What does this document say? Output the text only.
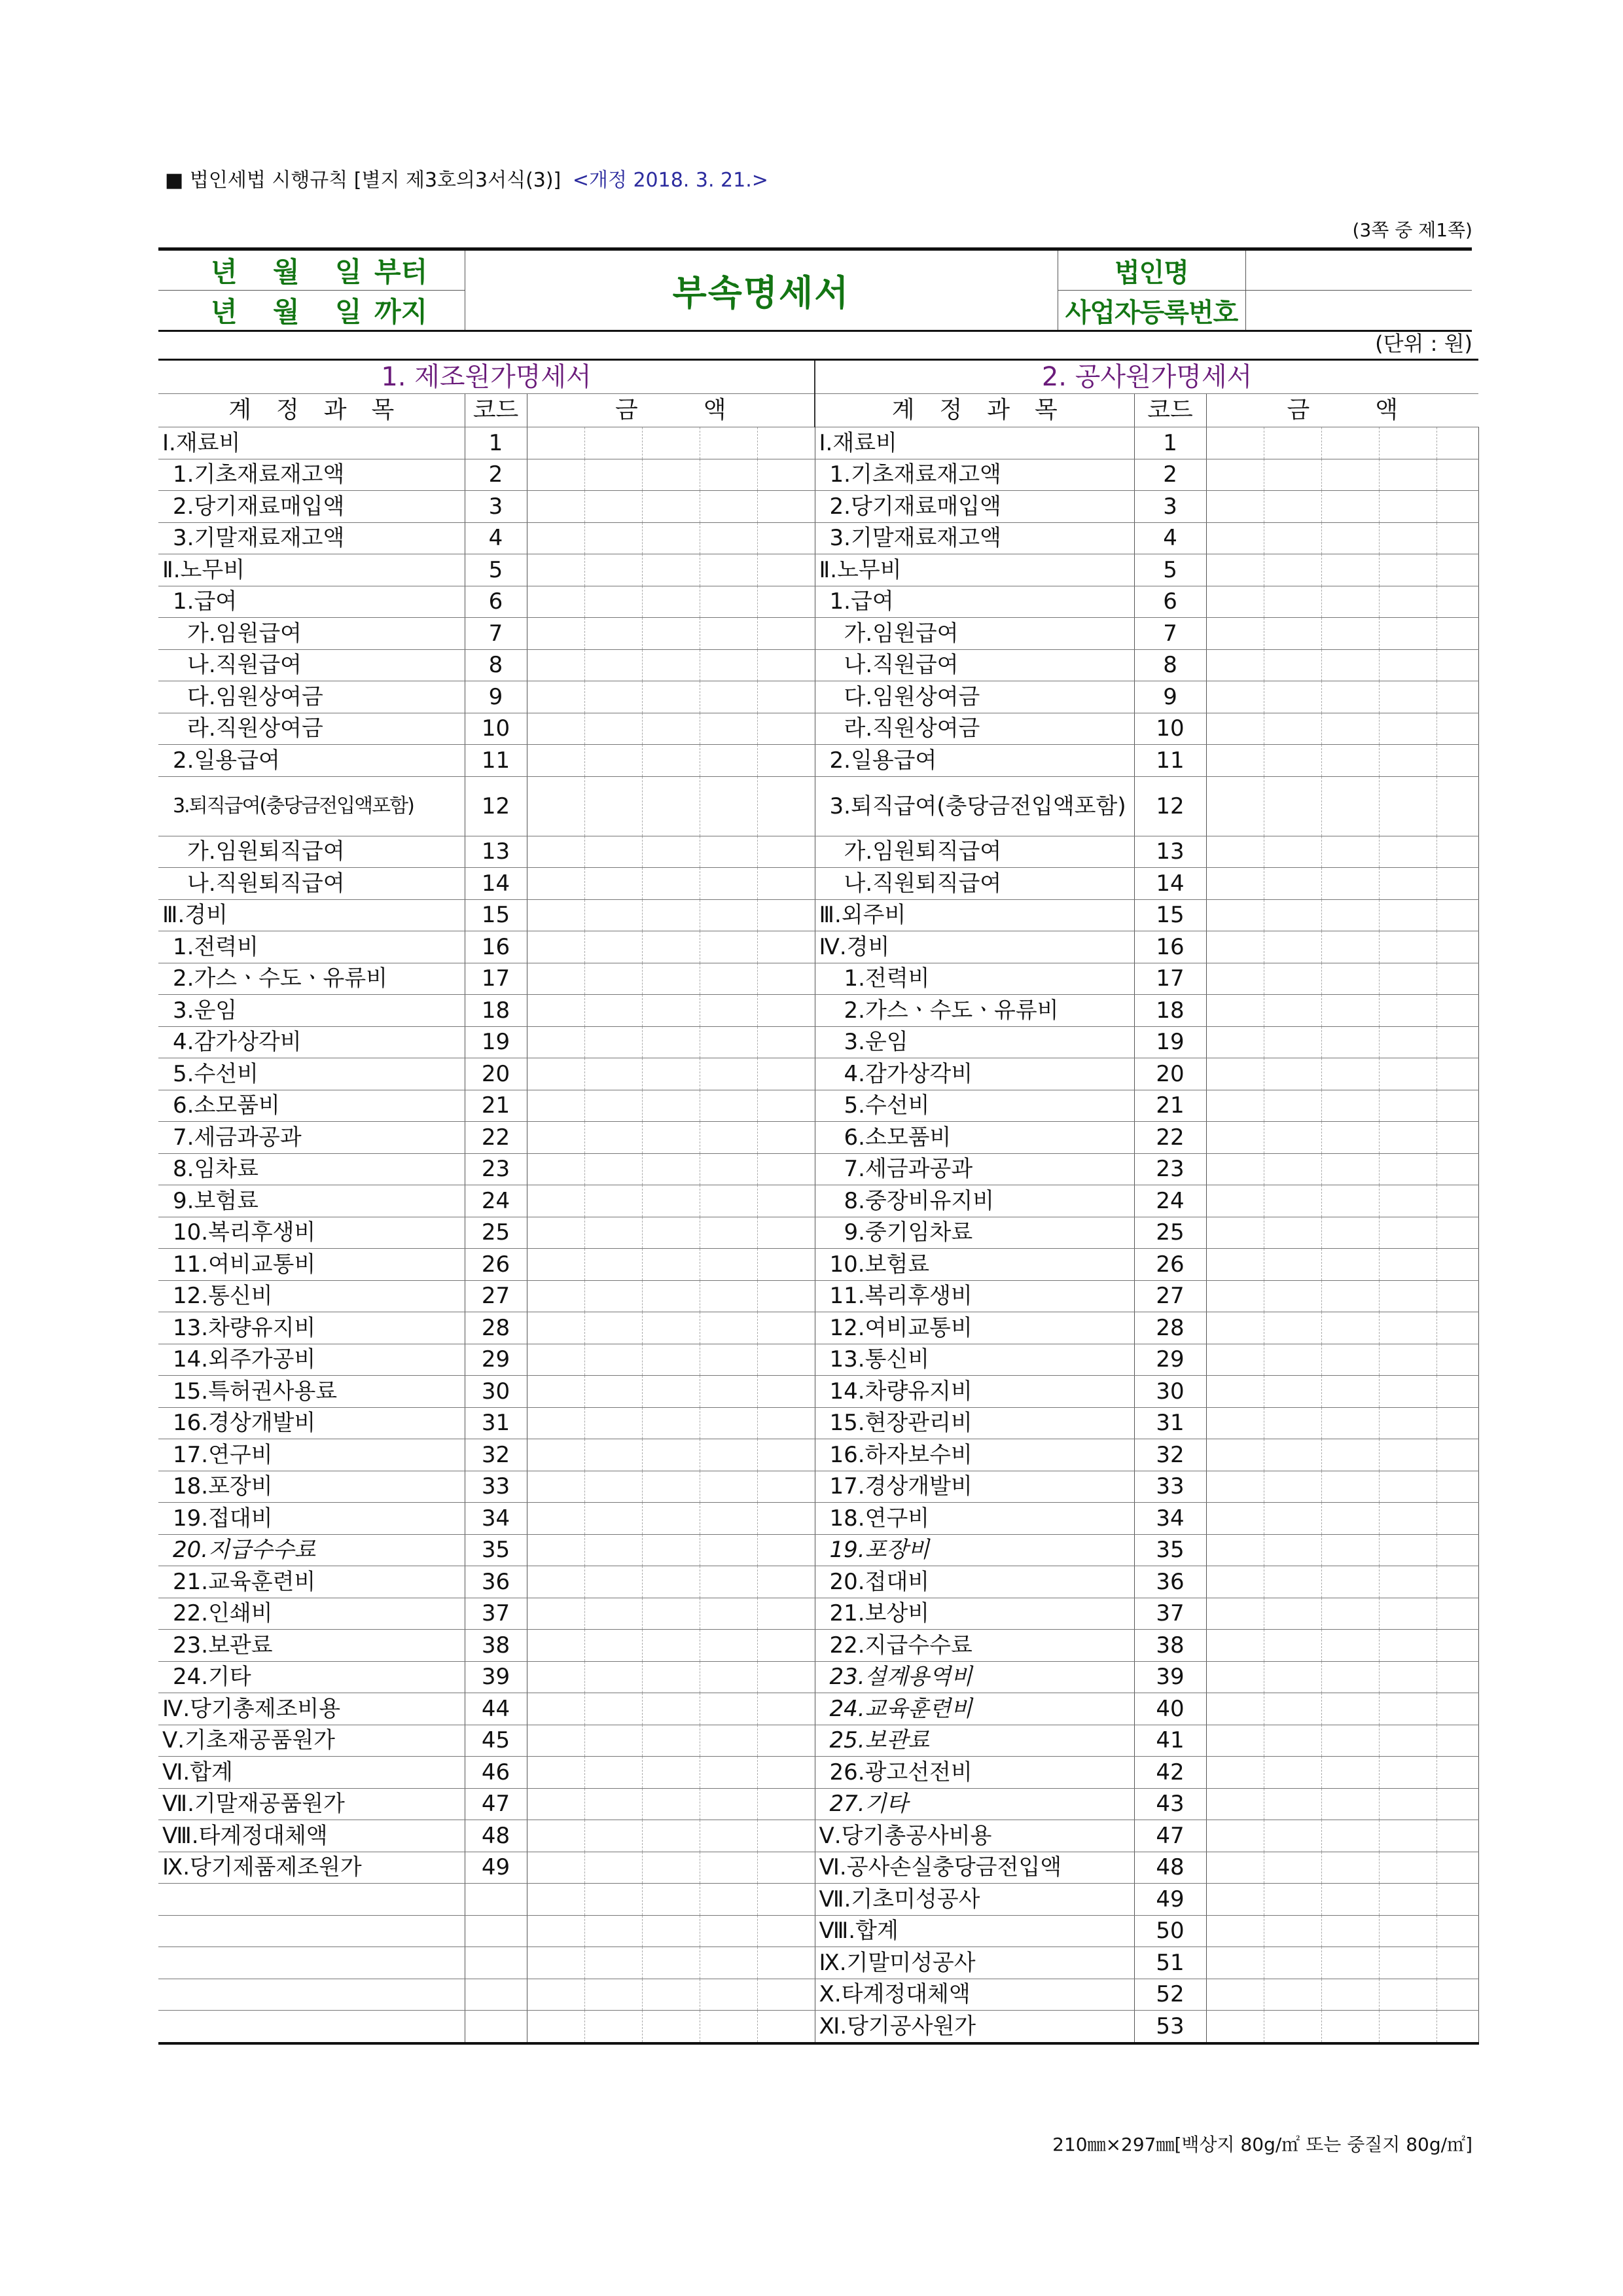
■ 법인세법 시행규칙 [별지 제3호의3서식(3)] <개정 2018. 3. 21.>
(3쪽 중 제1쪽)
년 월 일 부터	부속명세서	법인명	
년 월 일 까지		사업자등록번호	
(단위 : 원)
1. 제조원가명세서							2. 공사원가명세서						
계정과목	코드	금액					계정과목	코드	금액				
Ⅰ.재료비	1						Ⅰ.재료비	1					
1.기초재료재고액	2						1.기초재료재고액	2					
2.당기재료매입액	3						2.당기재료매입액	3					
3.기말재료재고액	4						3.기말재료재고액	4					
Ⅱ.노무비	5						Ⅱ.노무비	5					
1.급여	6						1.급여	6					
가.임원급여	7						가.임원급여	7					
나.직원급여	8						나.직원급여	8					
다.임원상여금	9						다.임원상여금	9					
라.직원상여금	10						라.직원상여금	10					
2.일용급여	11						2.일용급여	11					
3.퇴직급여(충당금전입액포함)	12						3.퇴직급여(충당금전입액포함)	12					
가.임원퇴직급여	13						가.임원퇴직급여	13					
나.직원퇴직급여	14						나.직원퇴직급여	14					
Ⅲ.경비	15						Ⅲ.외주비	15					
1.전력비	16						Ⅳ.경비	16					
2.가스ㆍ수도ㆍ유류비	17						1.전력비	17					
3.운임	18						2.가스ㆍ수도ㆍ유류비	18					
4.감가상각비	19						3.운임	19					
5.수선비	20						4.감가상각비	20					
6.소모품비	21						5.수선비	21					
7.세금과공과	22						6.소모품비	22					
8.임차료	23						7.세금과공과	23					
9.보험료	24						8.중장비유지비	24					
10.복리후생비	25						9.중기임차료	25					
11.여비교통비	26						10.보험료	26					
12.통신비	27						11.복리후생비	27					
13.차량유지비	28						12.여비교통비	28					
14.외주가공비	29						13.통신비	29					
15.특허권사용료	30						14.차량유지비	30					
16.경상개발비	31						15.현장관리비	31					
17.연구비	32						16.하자보수비	32					
18.포장비	33						17.경상개발비	33					
19.접대비	34						18.연구비	34					
20.지급수수료	35						19.포장비	35					
21.교육훈련비	36						20.접대비	36					
22.인쇄비	37						21.보상비	37					
23.보관료	38						22.지급수수료	38					
24.기타	39						23.설계용역비	39					
Ⅳ.당기총제조비용	44						24.교육훈련비	40					
Ⅴ.기초재공품원가	45						25.보관료	41					
Ⅵ.합계	46						26.광고선전비	42					
Ⅶ.기말재공품원가	47						27.기타	43					
Ⅷ.타계정대체액	48						Ⅴ.당기총공사비용	47					
Ⅸ.당기제품제조원가	49						Ⅵ.공사손실충당금전입액	48					
							Ⅶ.기초미성공사	49					
							Ⅷ.합계	50					
							Ⅸ.기말미성공사	51					
							Ⅹ.타계정대체액	52					
							Ⅺ.당기공사원가	53					
210㎜×297㎜[백상지 80g/㎡ 또는 중질지 80g/㎡]
